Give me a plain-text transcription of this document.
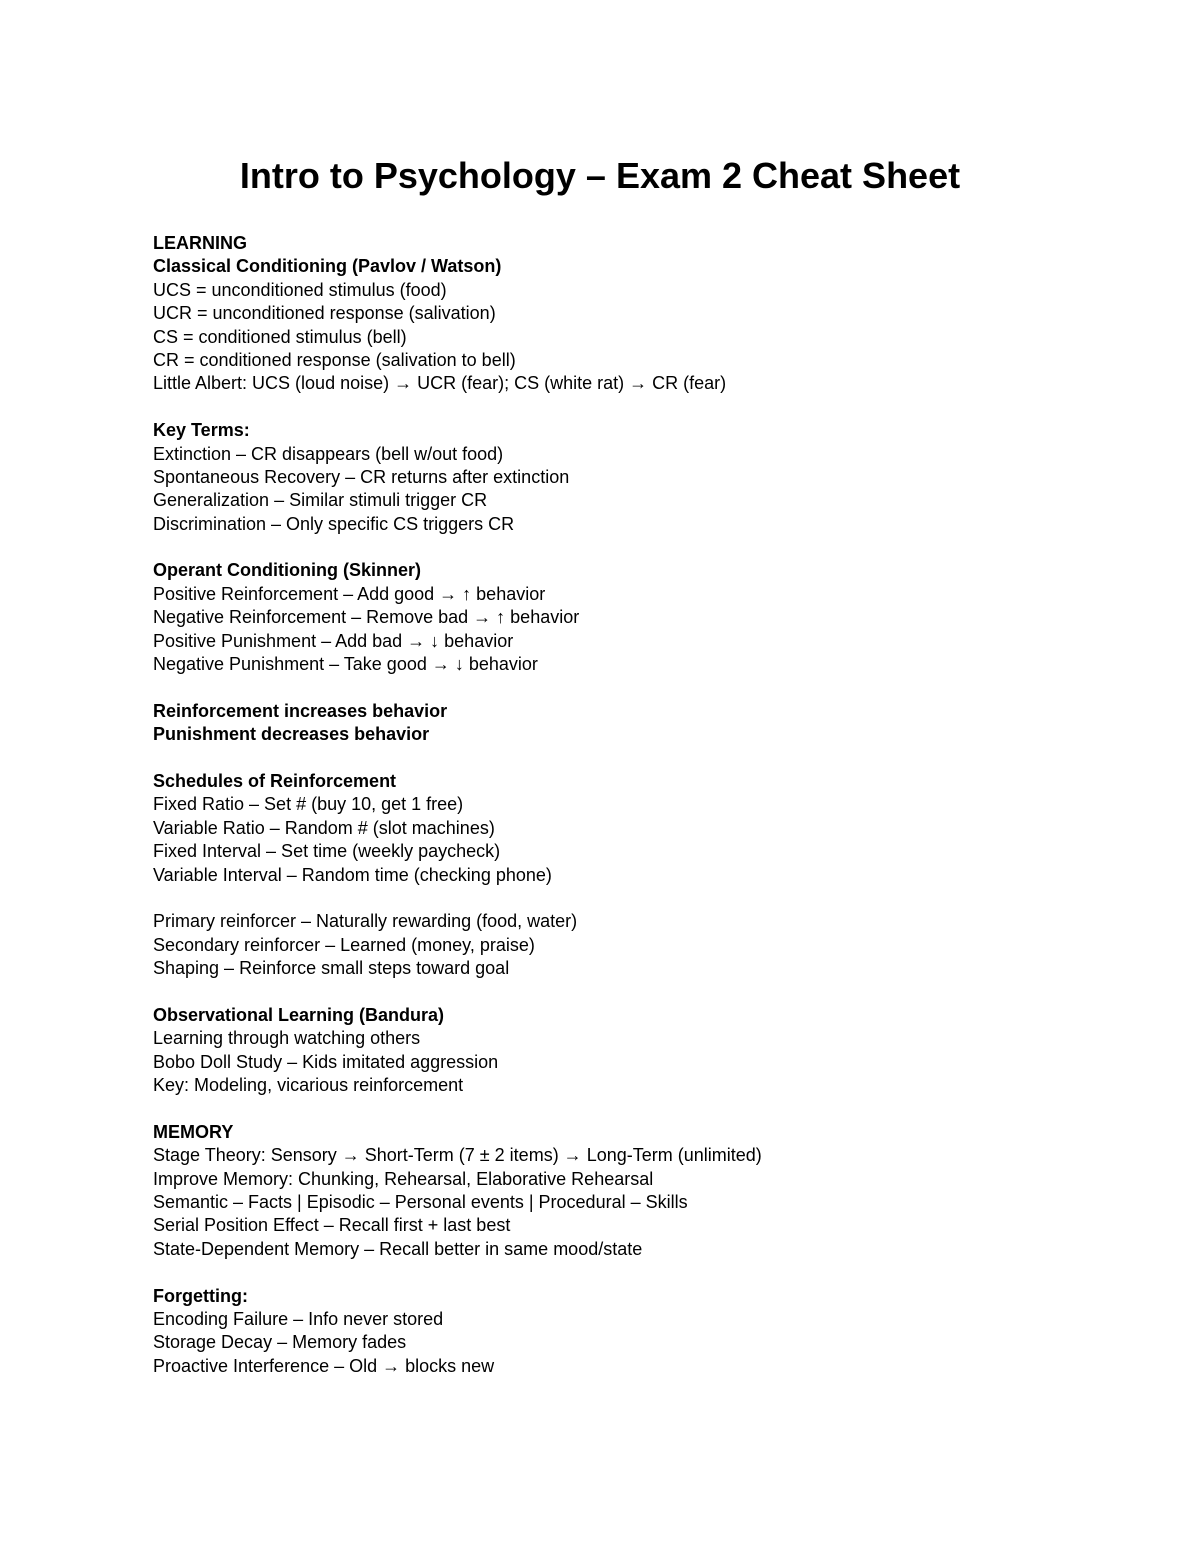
Intro to Psychology – Exam 2 Cheat Sheet
LEARNING
Classical Conditioning (Pavlov / Watson)
UCS = unconditioned stimulus (food)
UCR = unconditioned response (salivation)
CS = conditioned stimulus (bell)
CR = conditioned response (salivation to bell)
Little Albert: UCS (loud noise) → UCR (fear); CS (white rat) → CR (fear)
Key Terms:
Extinction – CR disappears (bell w/out food)
Spontaneous Recovery – CR returns after extinction
Generalization – Similar stimuli trigger CR
Discrimination – Only specific CS triggers CR
Operant Conditioning (Skinner)
Positive Reinforcement – Add good → ↑ behavior
Negative Reinforcement – Remove bad → ↑ behavior
Positive Punishment – Add bad → ↓ behavior
Negative Punishment – Take good → ↓ behavior
Reinforcement increases behavior
Punishment decreases behavior
Schedules of Reinforcement
Fixed Ratio – Set # (buy 10, get 1 free)
Variable Ratio – Random # (slot machines)
Fixed Interval – Set time (weekly paycheck)
Variable Interval – Random time (checking phone)
Primary reinforcer – Naturally rewarding (food, water)
Secondary reinforcer – Learned (money, praise)
Shaping – Reinforce small steps toward goal
Observational Learning (Bandura)
Learning through watching others
Bobo Doll Study – Kids imitated aggression
Key: Modeling, vicarious reinforcement
MEMORY
Stage Theory: Sensory → Short-Term (7 ± 2 items) → Long-Term (unlimited)
Improve Memory: Chunking, Rehearsal, Elaborative Rehearsal
Semantic – Facts | Episodic – Personal events | Procedural – Skills
Serial Position Effect – Recall first + last best
State-Dependent Memory – Recall better in same mood/state
Forgetting:
Encoding Failure – Info never stored
Storage Decay – Memory fades
Proactive Interference – Old → blocks new
